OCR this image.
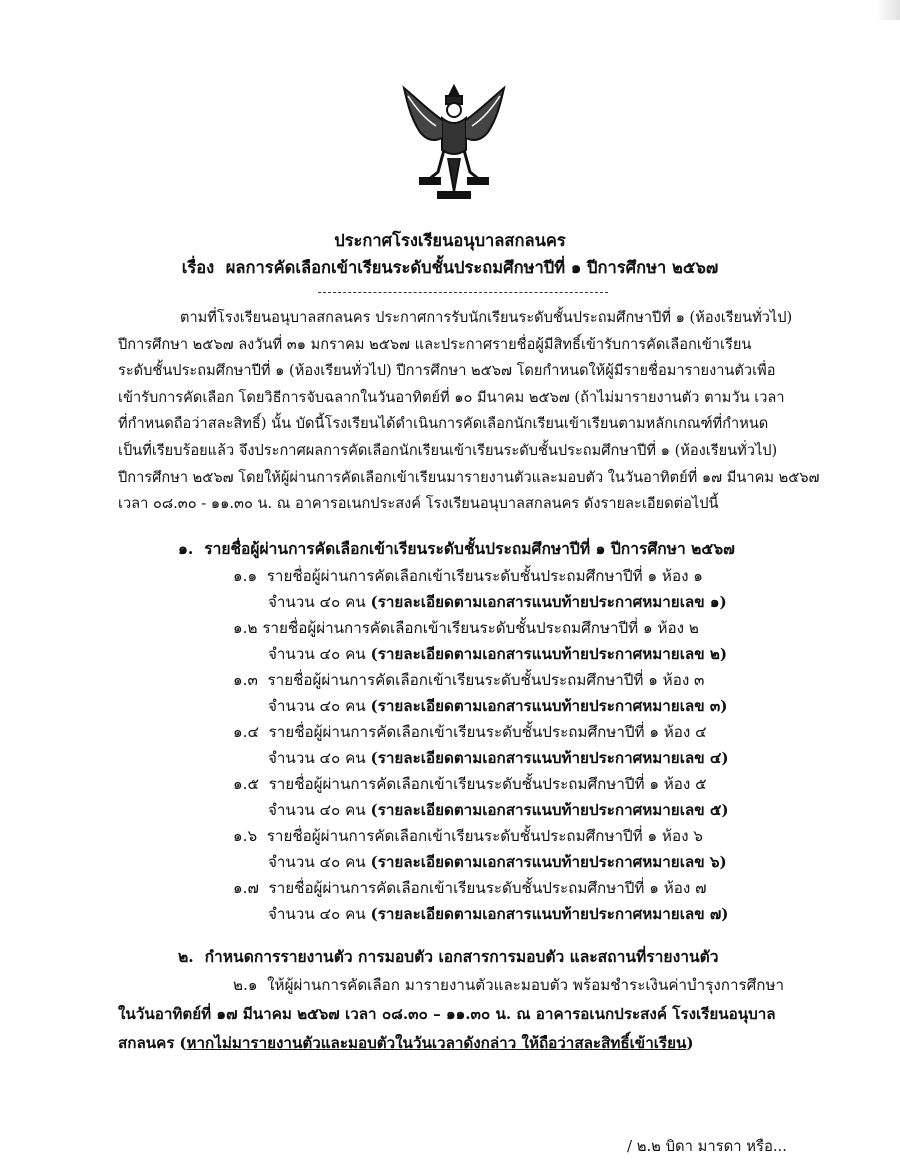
ประกาศโรงเรียนอนุบาลสกลนคร
เรื่อง ผลการคัดเลือกเข้าเรียนระดับชั้นประถมศึกษาปีที่ ๑ ปีการศึกษา ๒๕๖๗
ตามที่โรงเรียนอนุบาลสกลนคร ประกาศการรับนักเรียนระดับชั้นประถมศึกษาปีที่ ๑ (ห้องเรียนทั่วไป)
ปีการศึกษา ๒๕๖๗ ลงวันที่ ๓๑ มกราคม ๒๕๖๗ และประกาศรายชื่อผู้มีสิทธิ์เข้ารับการคัดเลือกเข้าเรียน
ระดับชั้นประถมศึกษาปีที่ ๑ (ห้องเรียนทั่วไป) ปีการศึกษา ๒๕๖๗ โดยกำหนดให้ผู้มีรายชื่อมารายงานตัวเพื่อ
เข้ารับการคัดเลือก โดยวิธีการจับฉลากในวันอาทิตย์ที่ ๑๐ มีนาคม ๒๕๖๗ (ถ้าไม่มารายงานตัว ตามวัน เวลา
ที่กำหนดถือว่าสละสิทธิ์) นั้น บัดนี้โรงเรียนได้ดำเนินการคัดเลือกนักเรียนเข้าเรียนตามหลักเกณฑ์ที่กำหนด
เป็นที่เรียบร้อยแล้ว จึงประกาศผลการคัดเลือกนักเรียนเข้าเรียนระดับชั้นประถมศึกษาปีที่ ๑ (ห้องเรียนทั่วไป)
ปีการศึกษา ๒๕๖๗ โดยให้ผู้ผ่านการคัดเลือกเข้าเรียนมารายงานตัวและมอบตัว ในวันอาทิตย์ที่ ๑๗ มีนาคม ๒๕๖๗
เวลา ๐๘.๓๐ - ๑๑.๓๐ น. ณ อาคารอเนกประสงค์ โรงเรียนอนุบาลสกลนคร ดังรายละเอียดต่อไปนี้
๑. รายชื่อผู้ผ่านการคัดเลือกเข้าเรียนระดับชั้นประถมศึกษาปีที่ ๑ ปีการศึกษา ๒๕๖๗
๑.๑ รายชื่อผู้ผ่านการคัดเลือกเข้าเรียนระดับชั้นประถมศึกษาปีที่ ๑ ห้อง ๑
จำนวน ๔๐ คน (รายละเอียดตามเอกสารแนบท้ายประกาศหมายเลข ๑)
๑.๒ รายชื่อผู้ผ่านการคัดเลือกเข้าเรียนระดับชั้นประถมศึกษาปีที่ ๑ ห้อง ๒
จำนวน ๔๐ คน (รายละเอียดตามเอกสารแนบท้ายประกาศหมายเลข ๒)
๑.๓ รายชื่อผู้ผ่านการคัดเลือกเข้าเรียนระดับชั้นประถมศึกษาปีที่ ๑ ห้อง ๓
จำนวน ๔๐ คน (รายละเอียดตามเอกสารแนบท้ายประกาศหมายเลข ๓)
๑.๔ รายชื่อผู้ผ่านการคัดเลือกเข้าเรียนระดับชั้นประถมศึกษาปีที่ ๑ ห้อง ๔
จำนวน ๔๐ คน (รายละเอียดตามเอกสารแนบท้ายประกาศหมายเลข ๔)
๑.๕ รายชื่อผู้ผ่านการคัดเลือกเข้าเรียนระดับชั้นประถมศึกษาปีที่ ๑ ห้อง ๕
จำนวน ๔๐ คน (รายละเอียดตามเอกสารแนบท้ายประกาศหมายเลข ๕)
๑.๖ รายชื่อผู้ผ่านการคัดเลือกเข้าเรียนระดับชั้นประถมศึกษาปีที่ ๑ ห้อง ๖
จำนวน ๔๐ คน (รายละเอียดตามเอกสารแนบท้ายประกาศหมายเลข ๖)
๑.๗ รายชื่อผู้ผ่านการคัดเลือกเข้าเรียนระดับชั้นประถมศึกษาปีที่ ๑ ห้อง ๗
จำนวน ๔๐ คน (รายละเอียดตามเอกสารแนบท้ายประกาศหมายเลข ๗)
๒. กำหนดการรายงานตัว การมอบตัว เอกสารการมอบตัว และสถานที่รายงานตัว
๒.๑ ให้ผู้ผ่านการคัดเลือก มารายงานตัวและมอบตัว พร้อมชำระเงินค่าบำรุงการศึกษา
ในวันอาทิตย์ที่ ๑๗ มีนาคม ๒๕๖๗ เวลา ๐๘.๓๐ – ๑๑.๓๐ น. ณ อาคารอเนกประสงค์ โรงเรียนอนุบาล
สกลนคร (หากไม่มารายงานตัวและมอบตัวในวันเวลาดังกล่าว ให้ถือว่าสละสิทธิ์เข้าเรียน)
/ ๒.๒ บิดา มารดา หรือ...
